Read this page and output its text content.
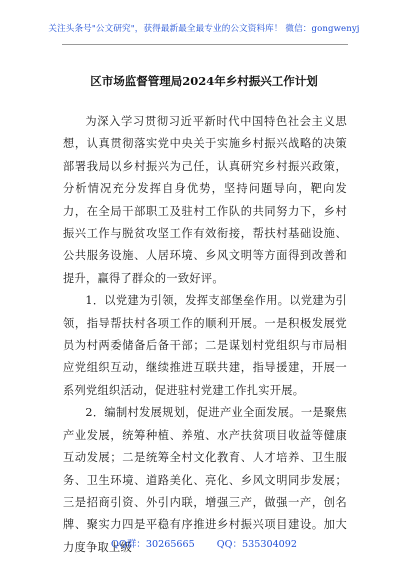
关注头条号"公文研究"，获得最新最全最专业的公文资料库！ 微信：gongwenyj
区市场监督管理局2024年乡村振兴工作计划

为深入学习贯彻习近平新时代中国特色社会主义思想，认真贯彻落实党中央关于实施乡村振兴战略的决策部署我局以乡村振兴为己任，认真研究乡村振兴政策，分析情况充分发挥自身优势，坚持问题导向，靶向发力，在全局干部职工及驻村工作队的共同努力下，乡村振兴工作与脱贫攻坚工作有效衔接，帮扶村基础设施、公共服务设施、人居环境、乡风文明等方面得到改善和提升，赢得了群众的一致好评。

1．以党建为引领，发挥支部堡垒作用。以党建为引领，指导帮扶村各项工作的顺利开展。一是积极发展党员为村两委储备后备干部；二是谋划村党组织与市局相应党组织互动，继续推进互联共建，指导援建，开展一系列党组织活动，促进驻村党建工作扎实开展。

2．编制村发展规划，促进产业全面发展。一是聚焦产业发展，统筹种植、养殖、水产扶贫项目收益等健康互动发展；二是统筹全村文化教育、人才培养、卫生服务、卫生环境、道路美化、亮化、乡风文明同步发展；三是招商引资、外引内联，增强三产，做强一产，创名牌、聚实力四是平稳有序推进乡村振兴项目建设。加大力度争取上级

QQ群：30265665 QQ：535304092
